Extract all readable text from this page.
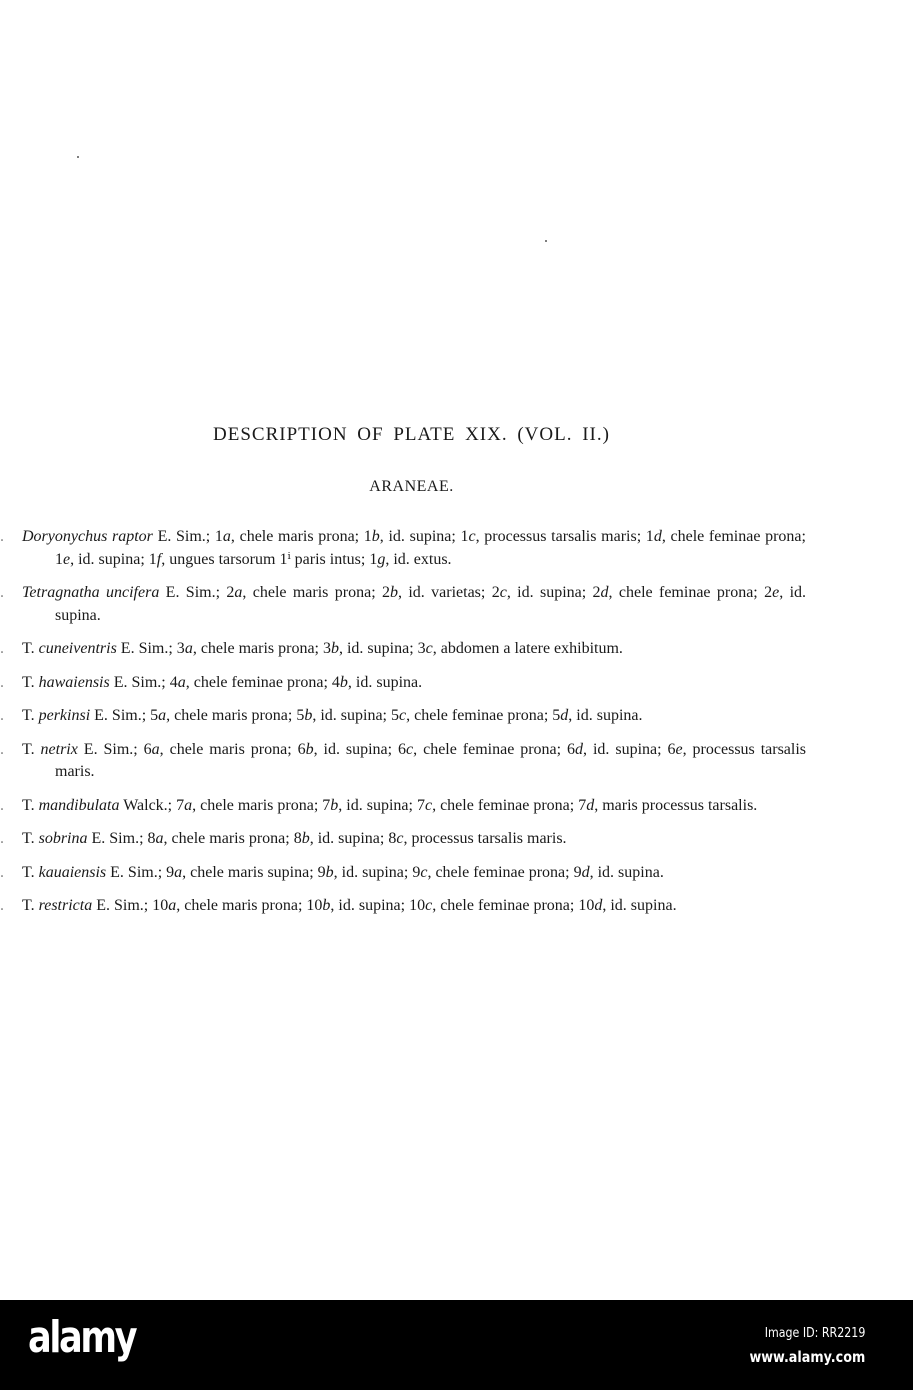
DESCRIPTION OF PLATE XIX. (VOL. II.)
ARANEAE.
. Doryonychus raptor E. Sim.; 1a, chele maris prona; 1b, id. supina; 1c, processus tarsalis maris; 1d, chele feminae prona; 1e, id. supina; 1f, ungues tarsorum 1ⁱ paris intus; 1g, id. extus.
. Tetragnatha uncifera E. Sim.; 2a, chele maris prona; 2b, id. varietas; 2c, id. supina; 2d, chele feminae prona; 2e, id. supina.
. T. cuneiventris E. Sim.; 3a, chele maris prona; 3b, id. supina; 3c, abdomen a latere exhibitum.
. T. hawaiensis E. Sim.; 4a, chele feminae prona; 4b, id. supina.
. T. perkinsi E. Sim.; 5a, chele maris prona; 5b, id. supina; 5c, chele feminae prona; 5d, id. supina.
. T. netrix E. Sim.; 6a, chele maris prona; 6b, id. supina; 6c, chele feminae prona; 6d, id. supina; 6e, processus tarsalis maris.
. T. mandibulata Walck.; 7a, chele maris prona; 7b, id. supina; 7c, chele feminae prona; 7d, maris processus tarsalis.
. T. sobrina E. Sim.; 8a, chele maris prona; 8b, id. supina; 8c, processus tarsalis maris.
. T. kauaiensis E. Sim.; 9a, chele maris supina; 9b, id. supina; 9c, chele feminae prona; 9d, id. supina.
. T. restricta E. Sim.; 10a, chele maris prona; 10b, id. supina; 10c, chele feminae prona; 10d, id. supina.
alamy	Image ID: RR2219
www.alamy.com
